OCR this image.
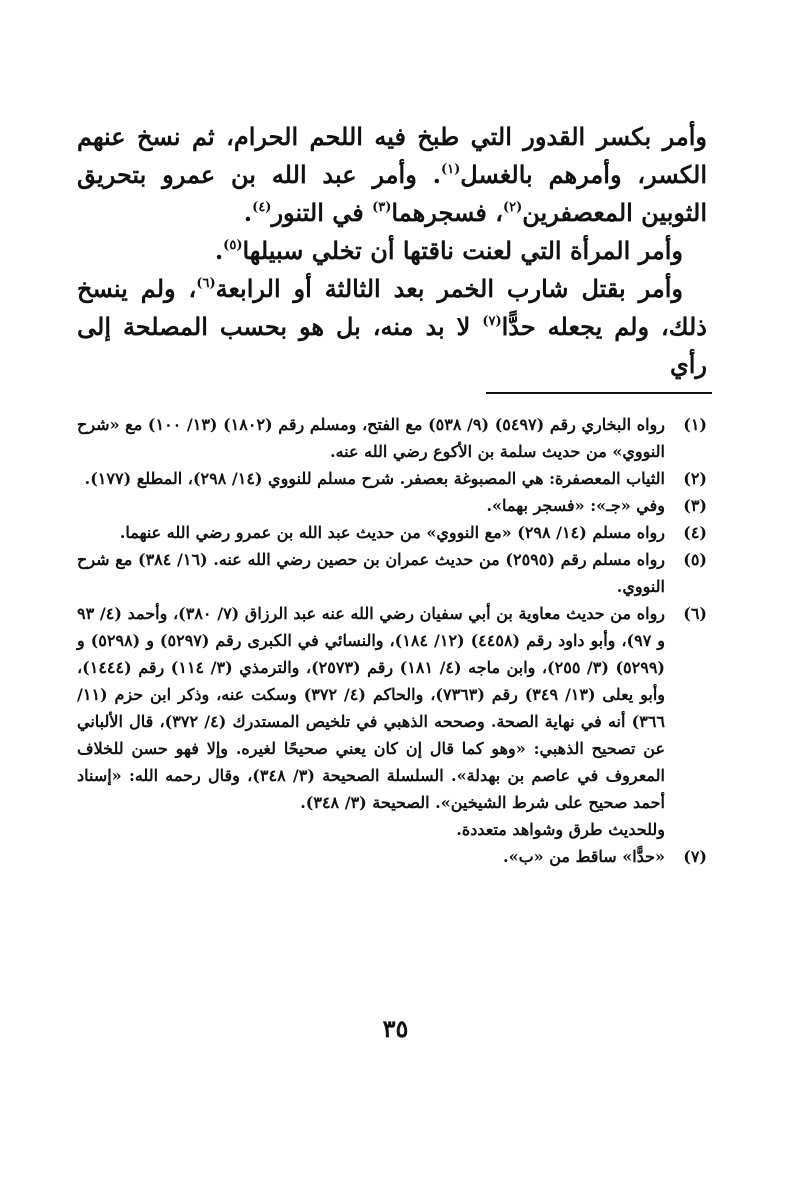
وأمر بكسر القدور التي طبخ فيه اللحم الحرام، ثم نسخ عنهم الكسر، وأمرهم بالغسل$^{(١)}$. وأمر عبد الله بن عمرو بتحريق الثوبين المعصفرين$^{(٢)}$، فسجرهما$^{(٣)}$ في التنور$^{(٤)}$.

وأمر المرأة التي لعنت ناقتها أن تخلي سبيلها$^{(٥)}$.

وأمر بقتل شارب الخمر بعد الثالثة أو الرابعة$^{(٦)}$، ولم ينسخ ذلك، ولم يجعله حدًّا$^{(٧)}$ لا بد منه، بل هو بحسب المصلحة إلى رأي

(١)
رواه البخاري رقم (٥٤٩٧) (٩/ ٥٣٨) مع الفتح، ومسلم رقم (١٨٠٢) (١٣/ ١٠٠) مع «شرح النووي» من حديث سلمة بن الأكوع رضي الله عنه.
(٢)
الثياب المعصفرة: هي المصبوغة بعصفر. شرح مسلم للنووي (١٤/ ٢٩٨)، المطلع (١٧٧).
(٣)
وفي «جـ»: «فسجر بهما».
(٤)
رواه مسلم (١٤/ ٢٩٨) «مع النووي» من حديث عبد الله بن عمرو رضي الله عنهما.
(٥)
رواه مسلم رقم (٢٥٩٥) من حديث عمران بن حصين رضي الله عنه. (١٦/ ٣٨٤) مع شرح النووي.
(٦)
رواه من حديث معاوية بن أبي سفيان رضي الله عنه عبد الرزاق (٧/ ٣٨٠)، وأحمد (٤/ ٩٣ و ٩٧)، وأبو داود رقم (٤٤٥٨) (١٢/ ١٨٤)، والنسائي في الكبرى رقم (٥٢٩٧) و (٥٢٩٨) و (٥٢٩٩) (٣/ ٢٥٥)، وابن ماجه (٤/ ١٨١) رقم (٢٥٧٣)، والترمذي (٣/ ١١٤) رقم (١٤٤٤)، وأبو يعلى (١٣/ ٣٤٩) رقم (٧٣٦٣)، والحاكم (٤/ ٣٧٢) وسكت عنه، وذكر ابن حزم (١١/ ٣٦٦) أنه في نهاية الصحة. وصححه الذهبي في تلخيص المستدرك (٤/ ٣٧٢)، قال الألباني عن تصحيح الذهبي: «وهو كما قال إن كان يعني صحيحًا لغيره. وإلا فهو حسن للخلاف المعروف في عاصم بن بهدلة». السلسلة الصحيحة (٣/ ٣٤٨)، وقال رحمه الله: «إسناد أحمد صحيح على شرط الشيخين». الصحيحة (٣/ ٣٤٨).
وللحديث طرق وشواهد متعددة.
(٧)
«حدًّا» ساقط من «ب».
٣٥
